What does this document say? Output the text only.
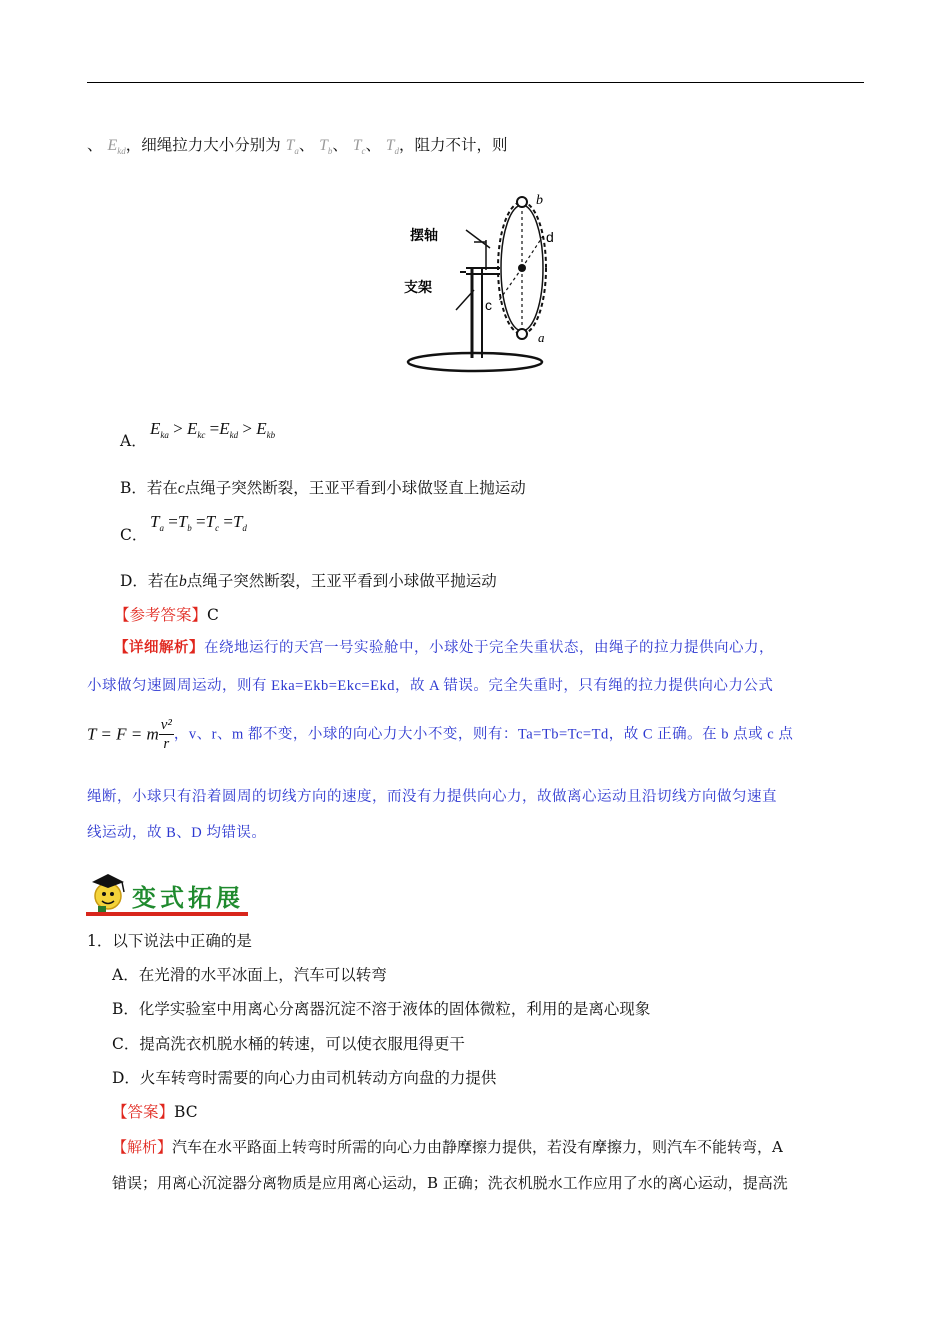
、 $E_{kd}$，细绳拉力大小分别为 $T_a$、 $T_b$、 $T_c$、 $T_d$，阻力不计，则
摆轴
支架
b
d
c
a
A．
$E_{ka} > E_{kc} =E_{kd} > E_{kb}$
B．若在c点绳子突然断裂，王亚平看到小球做竖直上抛运动
C．
$T_a =T_b =T_c =T_d$
D．若在b点绳子突然断裂，王亚平看到小球做平抛运动
【参考答案】C
【详细解析】在绕地运行的天宫一号实验舱中，小球处于完全失重状态，由绳子的拉力提供向心力，
小球做匀速圆周运动，则有 Eka=Ekb=Ekc=Ekd，故 A 错误。完全失重时，只有绳的拉力提供向心力公式
T = F = m $\frac{\text{v²}}{r}$ ，v、r、m 都不变，小球的向心力大小不变，则有：Ta=Tb=Tc=Td，故 C 正确。在 b 点或 c 点
绳断，小球只有沿着圆周的切线方向的速度，而没有力提供向心力，故做离心运动且沿切线方向做匀速直
线运动，故 B、D 均错误。
变式拓展
1．以下说法中正确的是
A．在光滑的水平冰面上，汽车可以转弯
B．化学实验室中用离心分离器沉淀不溶于液体的固体微粒，利用的是离心现象
C．提高洗衣机脱水桶的转速，可以使衣服甩得更干
D．火车转弯时需要的向心力由司机转动方向盘的力提供
【答案】BC
【解析】汽车在水平路面上转弯时所需的向心力由静摩擦力提供，若没有摩擦力，则汽车不能转弯，A
错误；用离心沉淀器分离物质是应用离心运动，B 正确；洗衣机脱水工作应用了水的离心运动，提高洗
